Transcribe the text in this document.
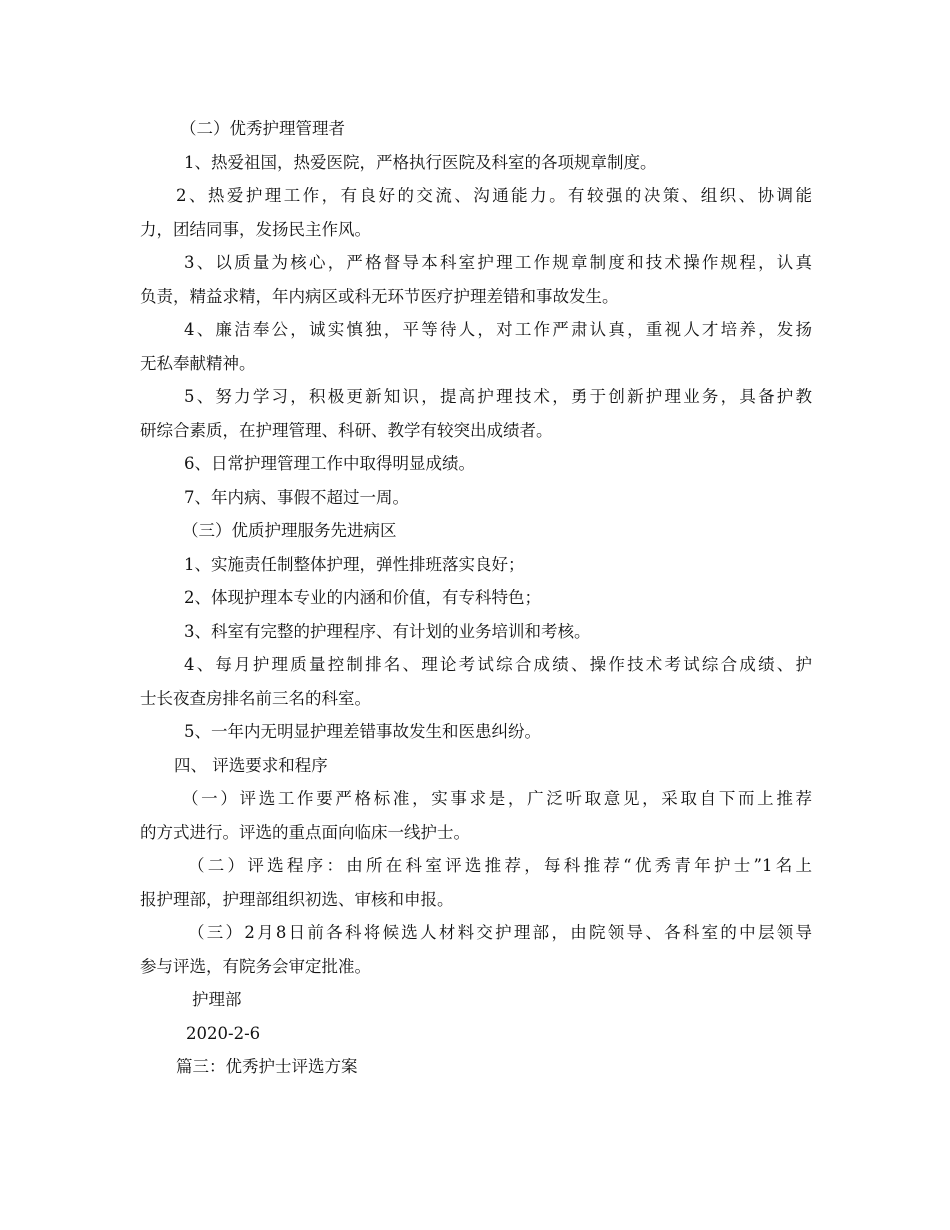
（二）优秀护理管理者
1、热爱祖国，热爱医院，严格执行医院及科室的各项规章制度。
2、热爱护理工作，有良好的交流、沟通能力。有较强的决策、组织、协调能
力，团结同事，发扬民主作风。
3、以质量为核心，严格督导本科室护理工作规章制度和技术操作规程，认真
负责，精益求精，年内病区或科无环节医疗护理差错和事故发生。
4、廉洁奉公，诚实慎独，平等待人，对工作严肃认真，重视人才培养，发扬
无私奉献精神。
5、努力学习，积极更新知识，提高护理技术，勇于创新护理业务，具备护教
研综合素质，在护理管理、科研、教学有较突出成绩者。
6、日常护理管理工作中取得明显成绩。
7、年内病、事假不超过一周。
（三）优质护理服务先进病区
1、实施责任制整体护理，弹性排班落实良好；
2、体现护理本专业的内涵和价值，有专科特色；
3、科室有完整的护理程序、有计划的业务培训和考核。
4、每月护理质量控制排名、理论考试综合成绩、操作技术考试综合成绩、护
士长夜查房排名前三名的科室。
5、一年内无明显护理差错事故发生和医患纠纷。
四、 评选要求和程序
（一）评选工作要严格标准，实事求是，广泛听取意见，采取自下而上推荐
的方式进行。评选的重点面向临床一线护士。
（二）评选程序：由所在科室评选推荐，每科推荐“优秀青年护士”1名上
报护理部，护理部组织初选、审核和申报。
（三）2月8日前各科将候选人材料交护理部，由院领导、各科室的中层领导
参与评选，有院务会审定批准。
护理部
2020-2-6
篇三：优秀护士评选方案
